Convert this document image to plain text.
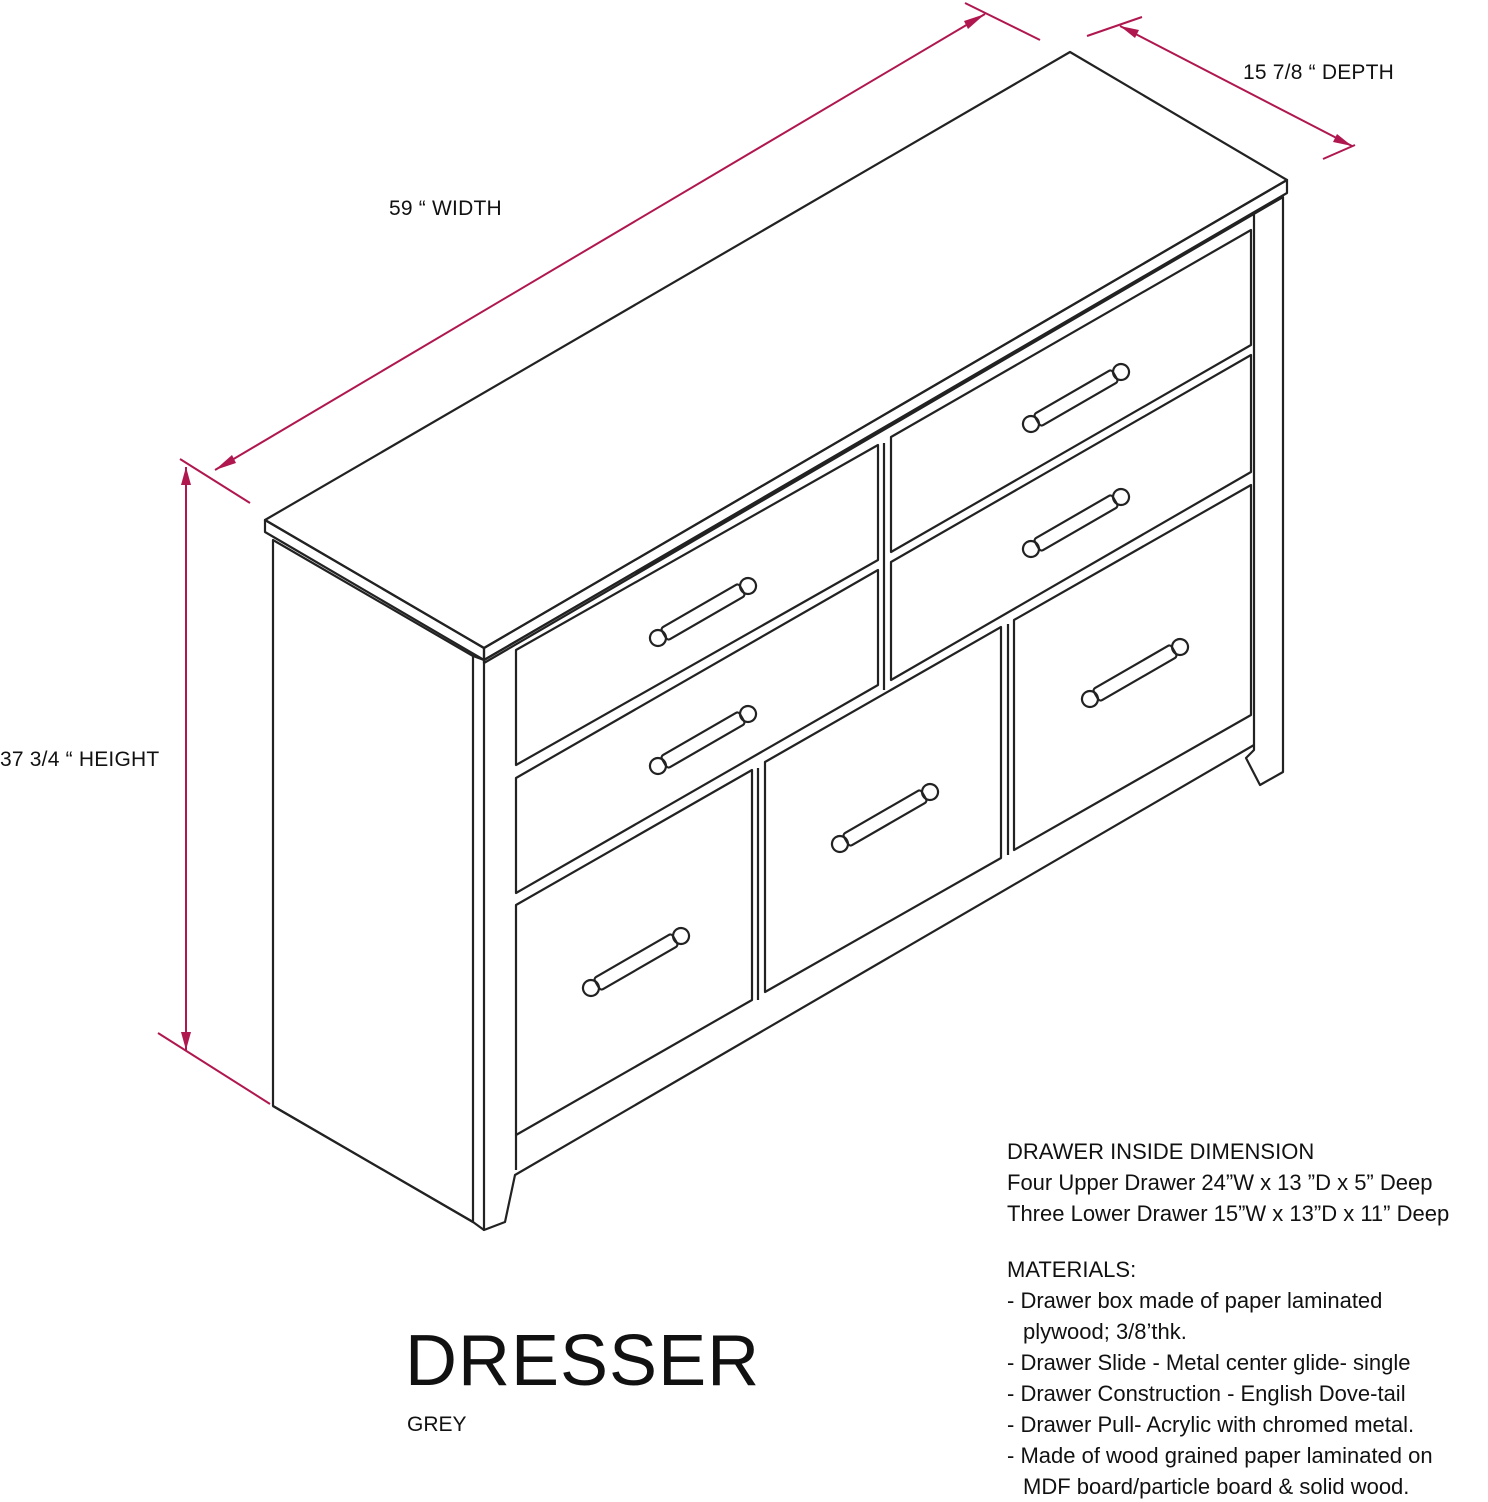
59 “ WIDTH
15 7/8 “ DEPTH
37 3/4 “ HEIGHT
DRESSER
GREY
DRAWER INSIDE DIMENSION
Four Upper Drawer 24”W x 13 ”D x 5” Deep
Three Lower Drawer 15”W x 13”D x 11” Deep
MATERIALS:
- Drawer box made of paper laminated
plywood; 3/8’thk.
- Drawer Slide - Metal center glide- single
- Drawer Construction - English Dove-tail
- Drawer Pull- Acrylic with chromed metal.
- Made of wood grained paper laminated on
MDF board/particle board & solid wood.
